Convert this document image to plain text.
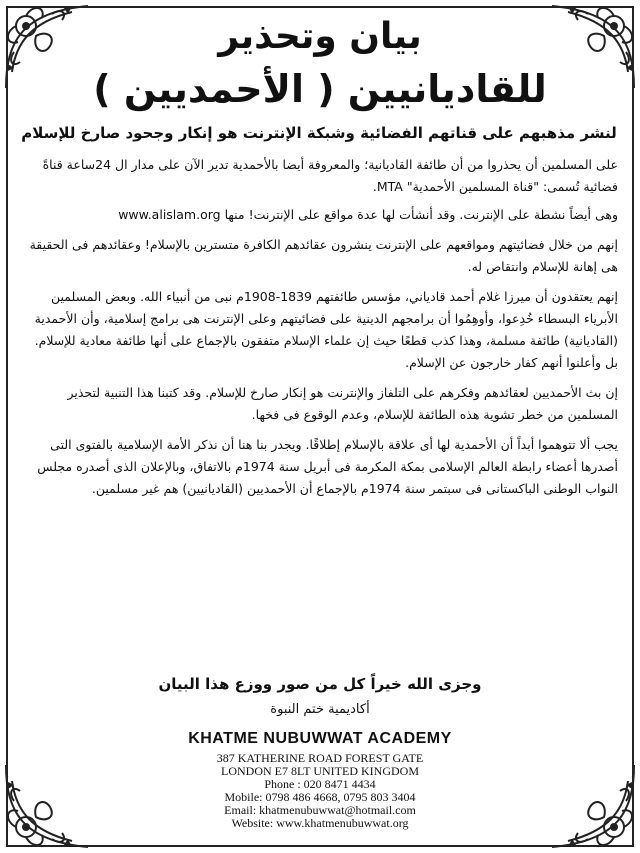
بيان وتحذير
للقاديانيين ( الأحمديين )

لنشر مذهبهم على قناتهم الفضائية وشبكة الإنترنت هو إنكار وجحود صارخ للإسلام

على المسلمين أن يحذروا من أن طائفة القاديانية؛ والمعروفة أيضا بالأحمدية تدير الآن على مدار ال 24ساعة قناةً فضائية تُسمى: "قناة المسلمين الأحمدية" MTA.

وهى أيضاً نشطة على الإنترنت. وقد أنشأت لها عدة مواقع على الإنترنت! منها www.alislam.org

إنهم من خلال فضائيتهم ومواقعهم على الإنترنت ينشرون عقائدهم الكافرة متسترين بالإسلام! وعقائدهم فى الحقيقة هى إهانة للإسلام وانتقاص له.

إنهم يعتقدون أن ميرزا غلام أحمد قادياني، مؤسس طائفتهم 1839-1908م نبى من أنبياء الله. وبعض المسلمين الأبرياء البسطاء خُدِعوا، وأوهِمُوا أن برامجهم الدينية على فضائيتهم وعلى الإنترنت هى برامج إسلامية، وأن الأحمدية (القاديانية) طائفة مسلمة، وهذا كذب قطعًا حيث إن علماء الإسلام متفقون بالإجماع على أنها طائفة معادية للإسلام. بل وأعلنوا أنهم كفار خارجون عن الإسلام.

إن بث الأحمديين لعقائدهم وفكرهم على التلفاز والإنترنت هو إنكار صارخ للإسلام. وقد كتبنا هذا التنبية لتحذير المسلمين من خطر تشوية هذه الطائفة للإسلام، وعدم الوقوع فى فخها.

يجب ألا تتوهموا أبداً أن الأحمدية لها أى علاقة بالإسلام إطلاقًا. ويجدر بنا هنا أن نذكر الأمة الإسلامية بالفتوى التى أصدرها أعضاء رابطة العالم الإسلامى بمكة المكرمة فى أبريل سنة 1974م بالاتفاق، وبالإعلان الذى أصدره مجلس النواب الوطنى الباكستانى فى سبتمر سنة 1974م بالإجماع أن الأحمديين (القاديانيين) هم غير مسلمين.

وجزى الله خيراً كل من صور ووزع هذا البيان
أكاديمية ختم النبوة
KHATME NUBUWWAT ACADEMY
387 KATHERINE ROAD FOREST GATE
LONDON E7 8LT UNITED KINGDOM
Phone : 020 8471 4434
Mobile: 0798 486 4668, 0795 803 3404
Email: khatmenubuwwat@hotmail.com
Website: www.khatmenubuwwat.org
